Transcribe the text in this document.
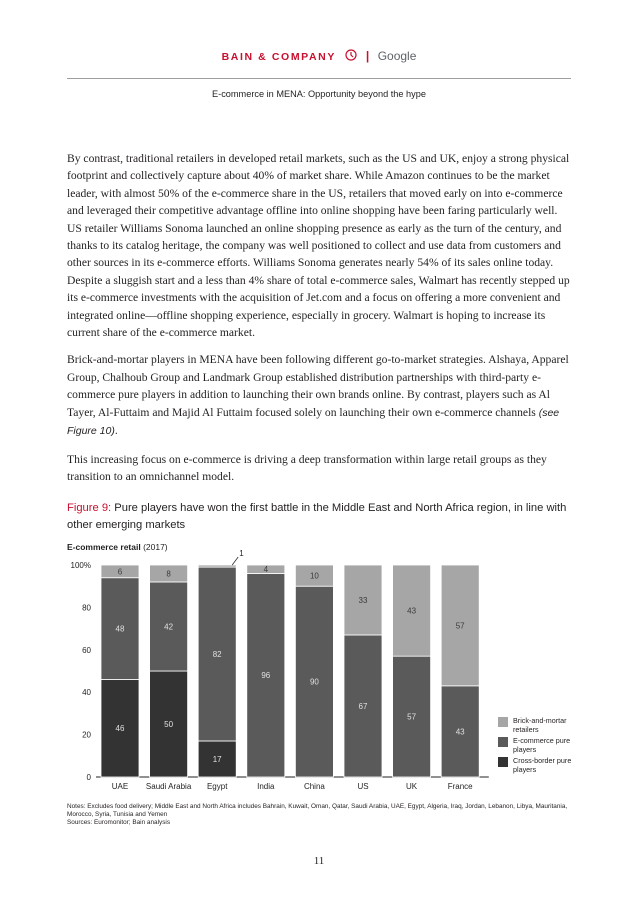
BAIN & COMPANY | Google
E-commerce in MENA: Opportunity beyond the hype

By contrast, traditional retailers in developed retail markets, such as the US and UK, enjoy a strong physical footprint and collectively capture about 40% of market share. While Amazon continues to be the market leader, with almost 50% of the e-commerce share in the US, retailers that moved early on into e-commerce and leveraged their competitive advantage offline into online shopping have been faring particularly well. US retailer Williams Sonoma launched an online shopping presence as early as the turn of the century, and thanks to its catalog heritage, the company was well positioned to collect and use data from customers and other sources in its e-commerce efforts. Williams Sonoma generates nearly 54% of its sales online today. Despite a sluggish start and a less than 4% share of total e-commerce sales, Walmart has recently stepped up its e-commerce investments with the acquisition of Jet.com and a focus on offering a more convenient and integrated online—offline shopping experience, especially in grocery. Walmart is hoping to increase its current share of the e-commerce market.

Brick-and-mortar players in MENA have been following different go-to-market strategies. Alshaya, Apparel Group, Chalhoub Group and Landmark Group established distribution partnerships with third-party e-commerce pure players in addition to launching their own brands online. By contrast, players such as Al Tayer, Al-Futtaim and Majid Al Futtaim focused solely on launching their own e-commerce channels (see Figure 10).

This increasing focus on e-commerce is driving a deep transformation within large retail groups as they transition to an omnichannel model.

Figure 9: Pure players have won the first battle in the Middle East and North Africa region, in line with other emerging markets
E-commerce retail (2017)
0
20
40
60
80
100%
46
48
6
UAE
50
42
8
Saudi Arabia
17
82
1
Egypt
96
4
India
90
10
China
67
33
US
57
43
UK
43
57
France
Brick-and-mortar retailers
E-commerce pure players
Cross-border pure players
Notes: Excludes food delivery; Middle East and North Africa includes Bahrain, Kuwait, Oman, Qatar, Saudi Arabia, UAE, Egypt, Algeria, Iraq, Jordan, Lebanon, Libya, Mauritania, Morocco, Syria, Tunisia and Yemen
Sources: Euromonitor; Bain analysis
11
